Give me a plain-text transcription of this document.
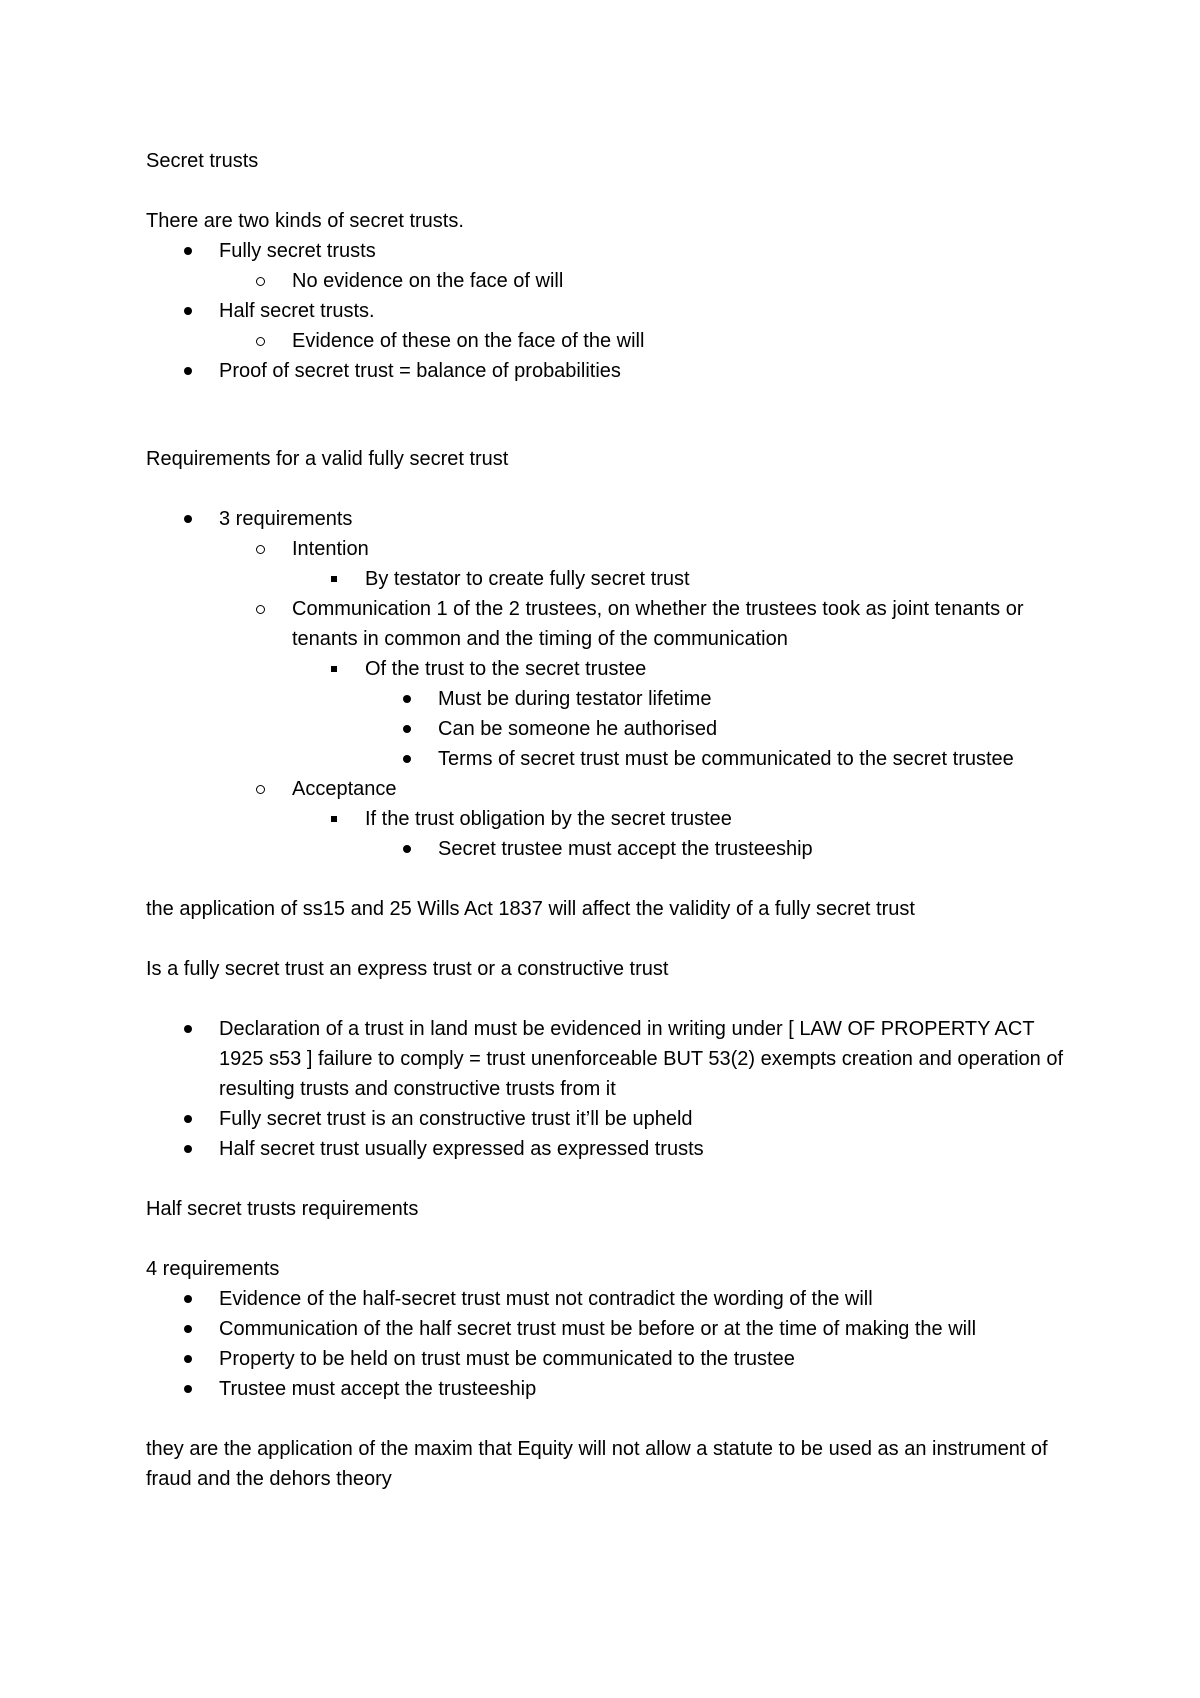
Secret trusts

There are two kinds of secret trusts.

Fully secret trusts
No evidence on the face of will
Half secret trusts.
Evidence of these on the face of the will
Proof of secret trust = balance of probabilities

Requirements for a valid fully secret trust

3 requirements
Intention
By testator to create fully secret trust
Communication 1 of the 2 trustees, on whether the trustees took as joint tenants or tenants in common and the timing of the communication
Of the trust to the secret trustee
Must be during testator lifetime
Can be someone he authorised
Terms of secret trust must be communicated to the secret trustee
Acceptance
If the trust obligation by the secret trustee
Secret trustee must accept the trusteeship

the application of ss15 and 25 Wills Act 1837 will affect the validity of a fully secret trust

Is a fully secret trust an express trust or a constructive trust

Declaration of a trust in land must be evidenced in writing under [ LAW OF PROPERTY ACT 1925 s53 ] failure to comply = trust unenforceable BUT 53(2) exempts creation and operation of resulting trusts and constructive trusts from it
Fully secret trust is an constructive trust it’ll be upheld
Half secret trust usually expressed as expressed trusts

Half secret trusts requirements

4 requirements

Evidence of the half-secret trust must not contradict the wording of the will
Communication of the half secret trust must be before or at the time of making the will
Property to be held on trust must be communicated to the trustee
Trustee must accept the trusteeship

they are the application of the maxim that Equity will not allow a statute to be used as an instrument of fraud and the dehors theory
